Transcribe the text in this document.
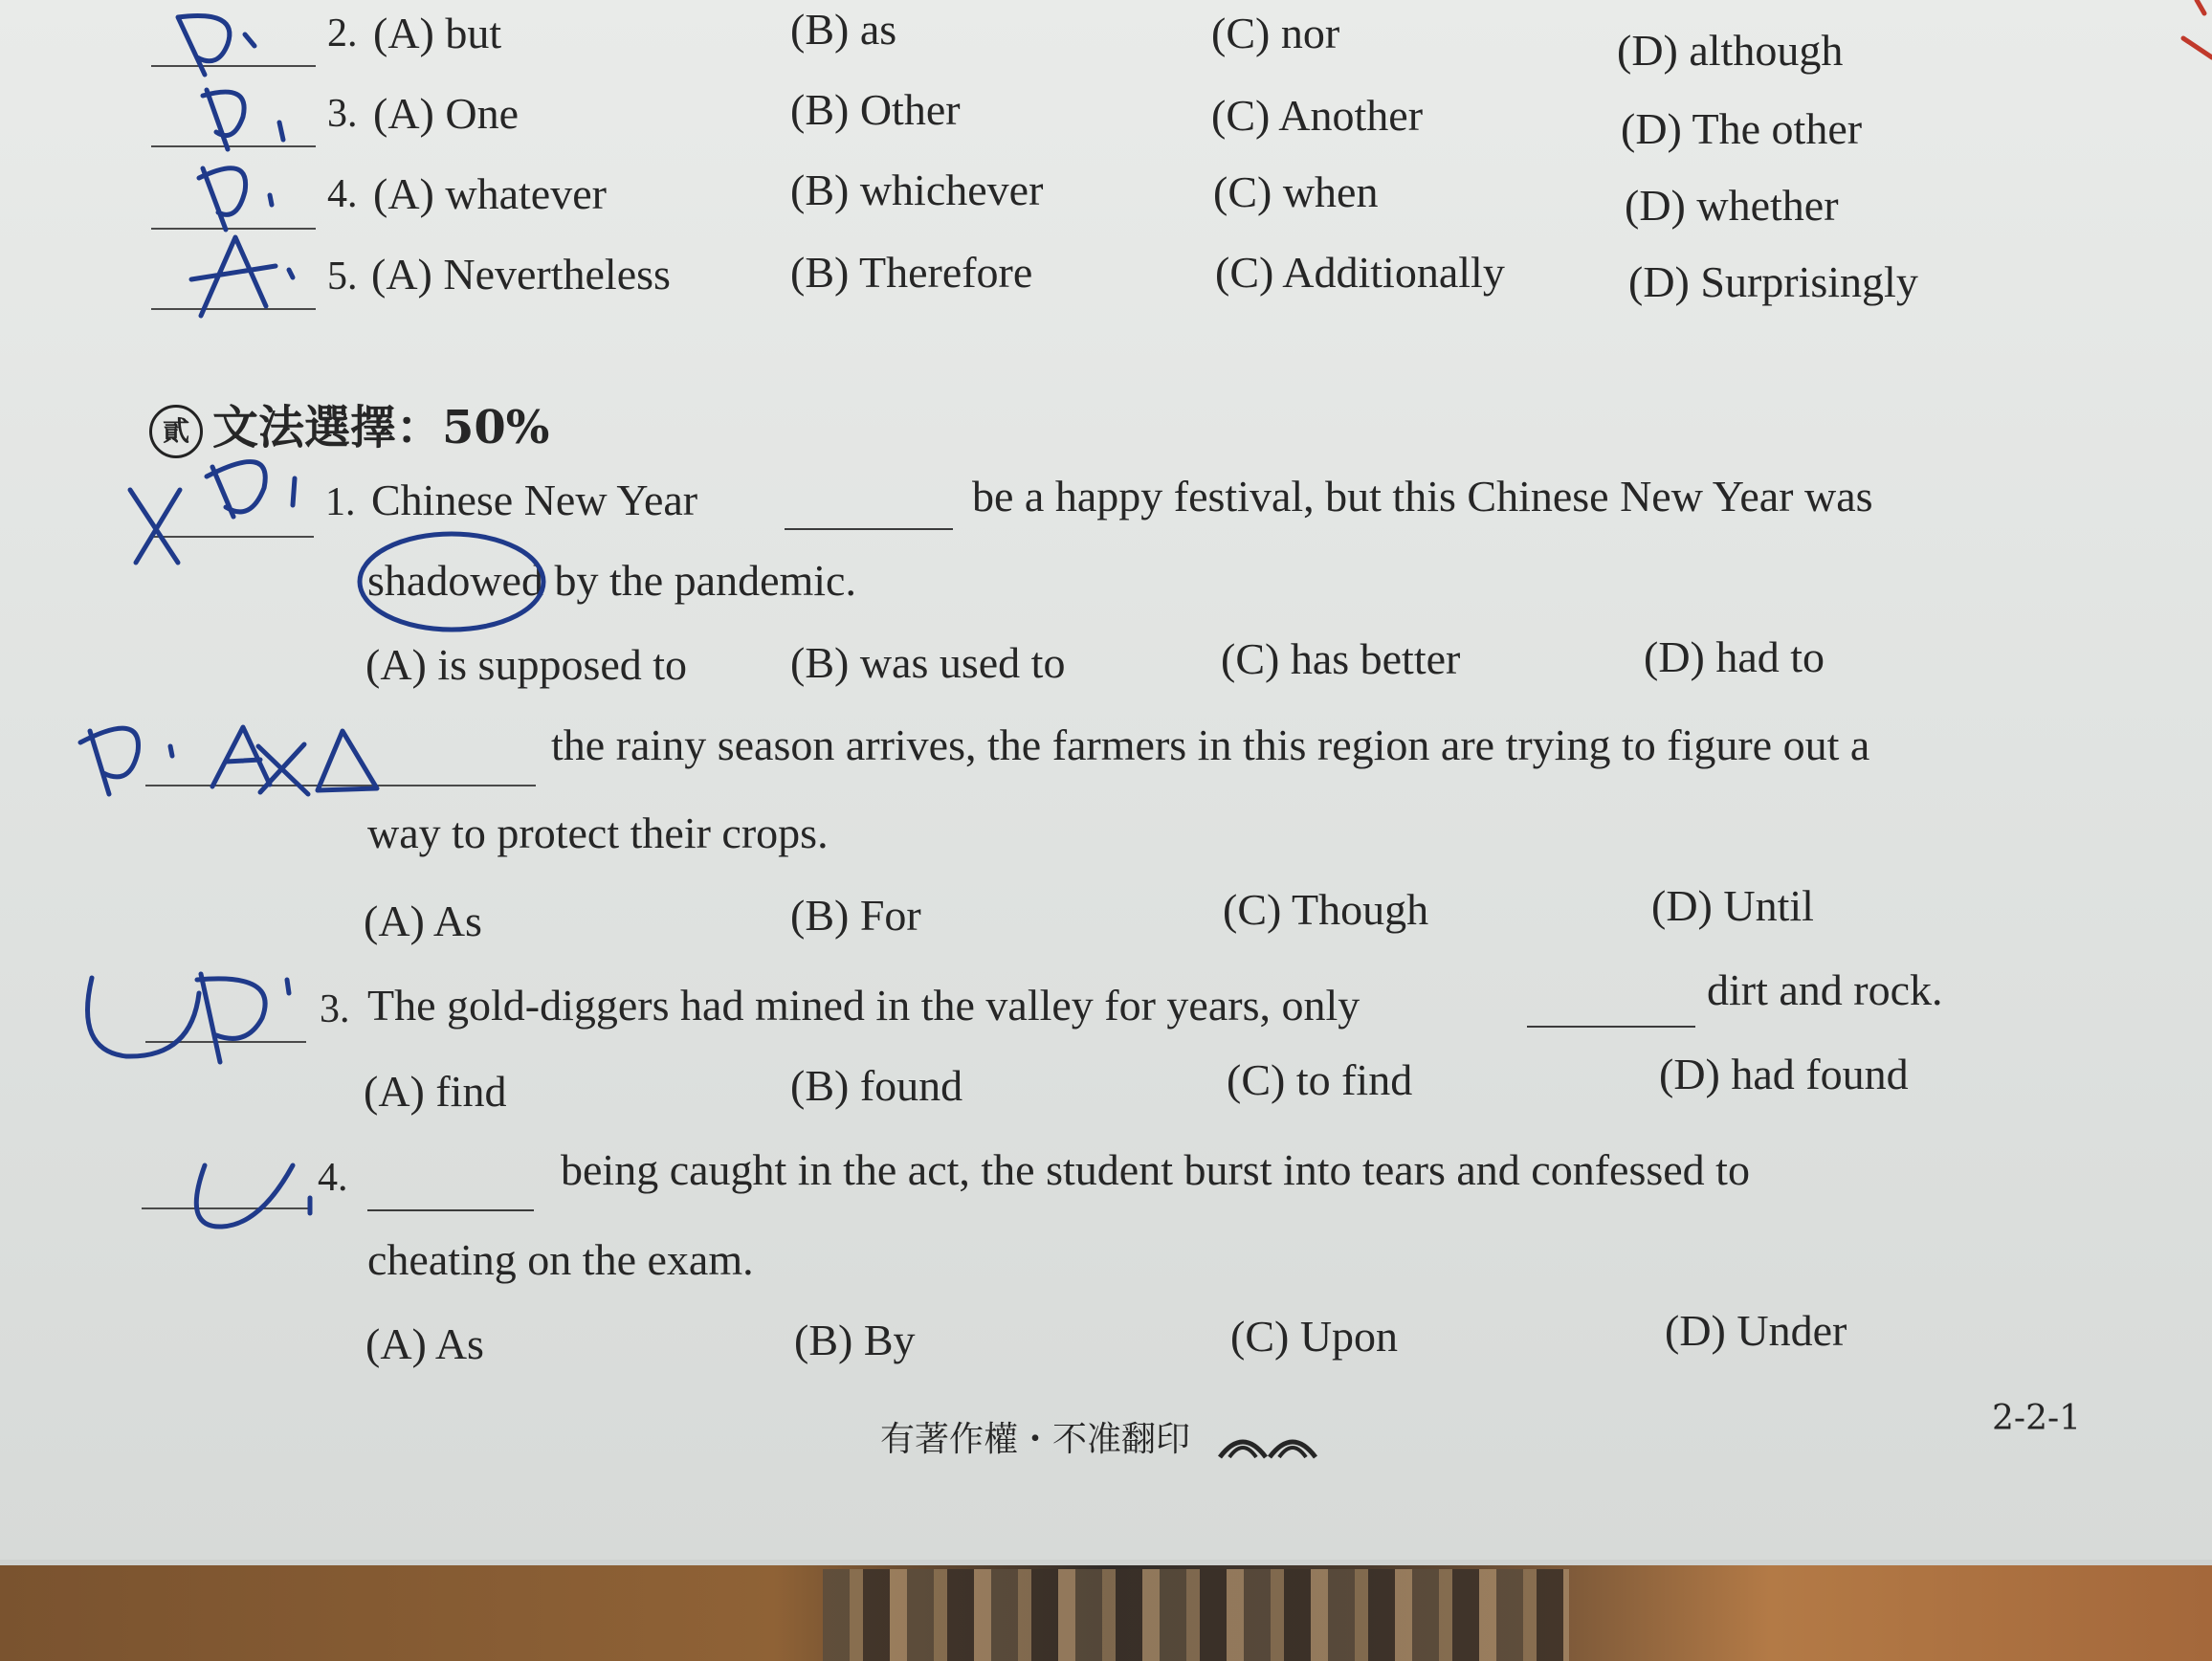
2. (A) but	(B) as	(C) nor	(D) although
3. (A) One	(B) Other	(C) Another	(D) The other
4. (A) whatever	(B) whichever	(C) when	(D) whether
5. (A) Nevertheless	(B) Therefore	(C) Additionally	(D) Surprisingly
貳 文法選擇：50%
1. Chinese New Year	be a happy festival, but this Chinese New Year was
shadowed by the pandemic.
(A) is supposed to (B) was used to	(C) has better	(D) had to
the rainy season arrives, the farmers in this region are trying to figure out a
way to protect their crops.
(A) As	(B) For	(C) Though	(D) Until
3. The gold-diggers had mined in the valley for years, only	dirt and rock.
(A) find	(B) found	(C) to find	(D) had found
4.	being caught in the act, the student burst into tears and confessed to
cheating on the exam.
(A) As	(B) By	(C) Upon	(D) Under
有著作權・不准翻印
2-2-1
